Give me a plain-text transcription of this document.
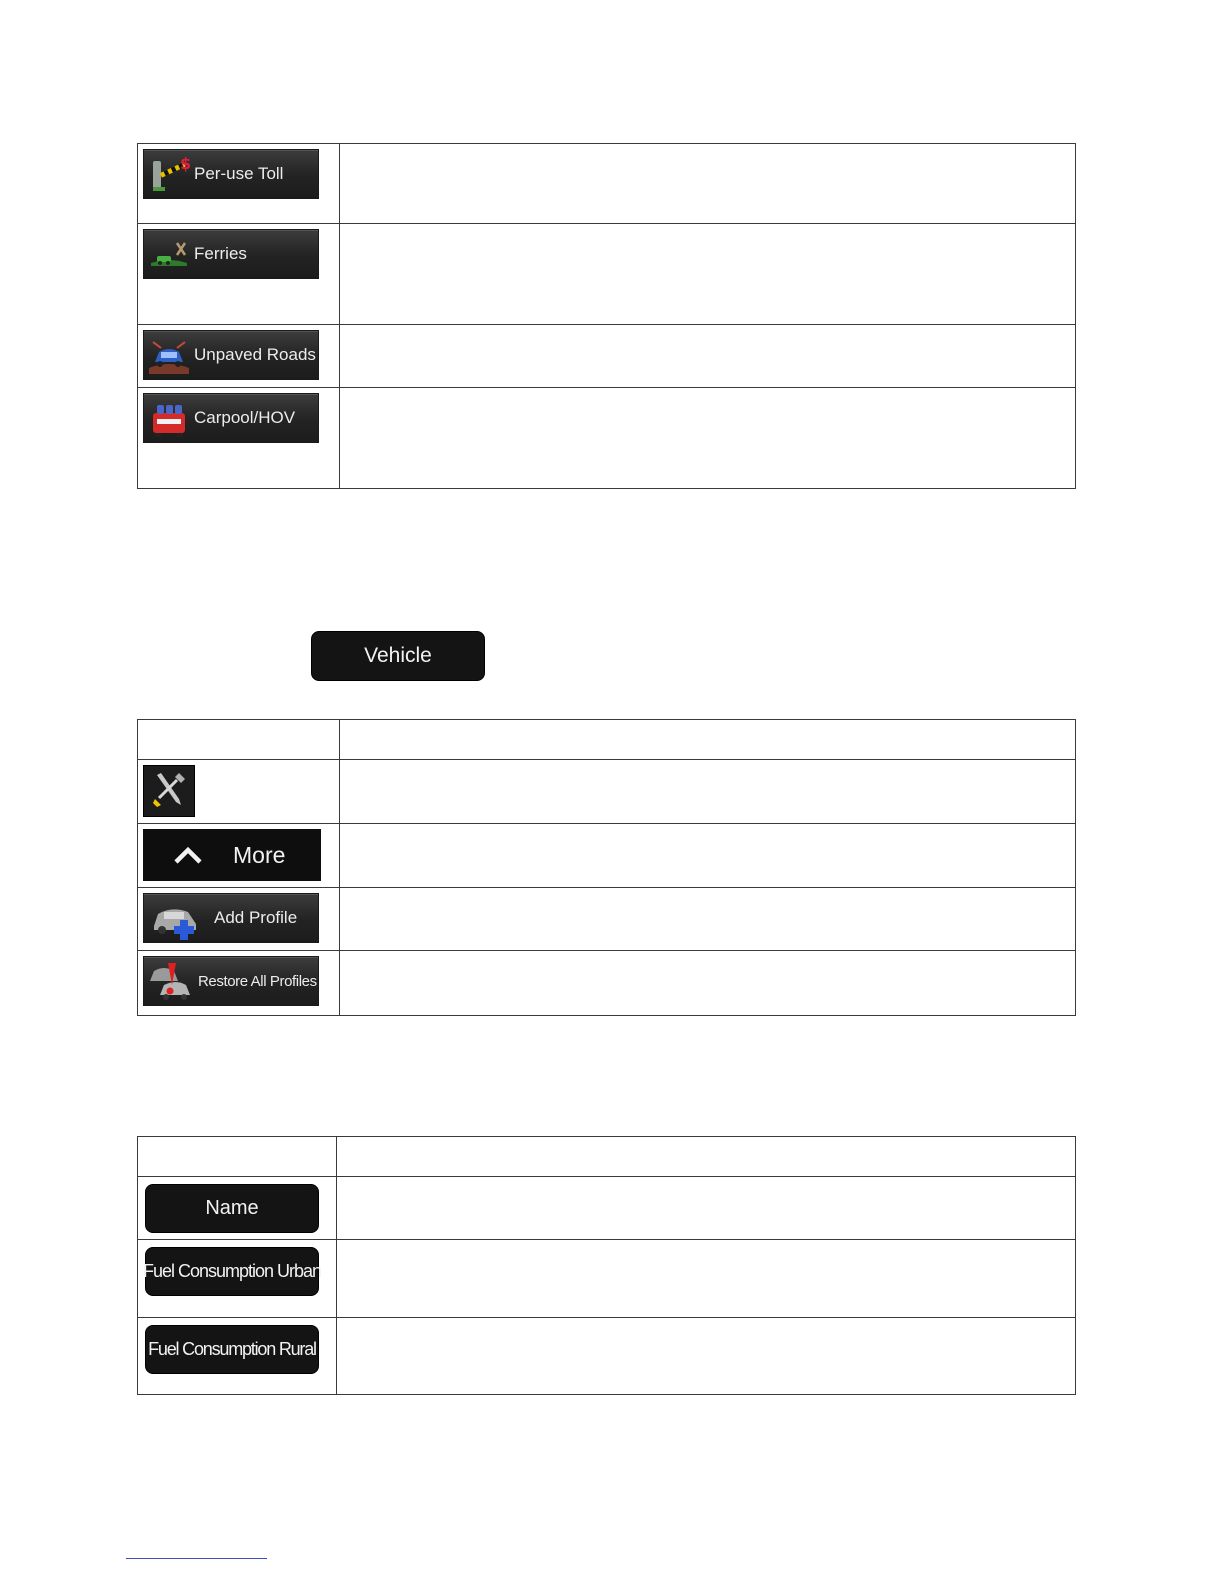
$
Per-use Toll	

Ferries	

Unpaved Roads	

Carpool/HOV	

Vehicle

More	

Add Profile	

Restore All Profiles	

Name	

Fuel Consumption Urban	

Fuel Consumption Rural	
